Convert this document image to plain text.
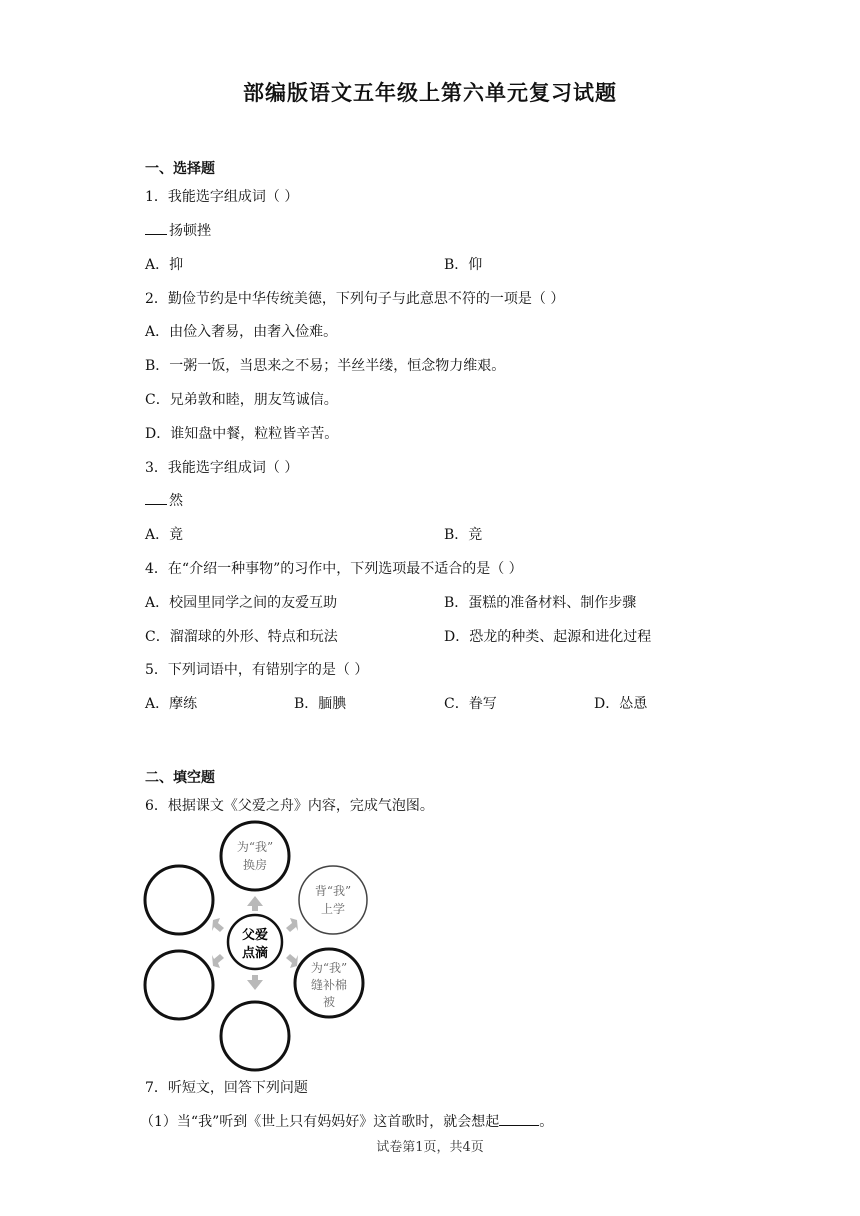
部编版语文五年级上第六单元复习试题
一、选择题
1．我能选字组成词（ ）
扬顿挫
A．抑	B．仰
2．勤俭节约是中华传统美德，下列句子与此意思不符的一项是（ ）
A．由俭入奢易，由奢入俭难。
B．一粥一饭，当思来之不易；半丝半缕，恒念物力维艰。
C．兄弟敦和睦，朋友笃诚信。
D．谁知盘中餐，粒粒皆辛苦。
3．我能选字组成词（ ）
然
A．竟	B．竞
4．在“介绍一种事物”的习作中，下列选项最不适合的是（ ）
A．校园里同学之间的友爱互助	B．蛋糕的准备材料、制作步骤
C．溜溜球的外形、特点和玩法	D．恐龙的种类、起源和进化过程
5．下列词语中，有错别字的是（ ）
A．摩练	B．腼腆	C．眷写	D．怂恿
二、填空题
6．根据课文《父爱之舟》内容，完成气泡图。
父爱
点滴
为“我”
换房
背“我”
上学
为“我”
缝补棉
被
7．听短文，回答下列问题
（1）当“我”听到《世上只有妈妈好》这首歌时，就会想起	。
试卷第1页，共4页
